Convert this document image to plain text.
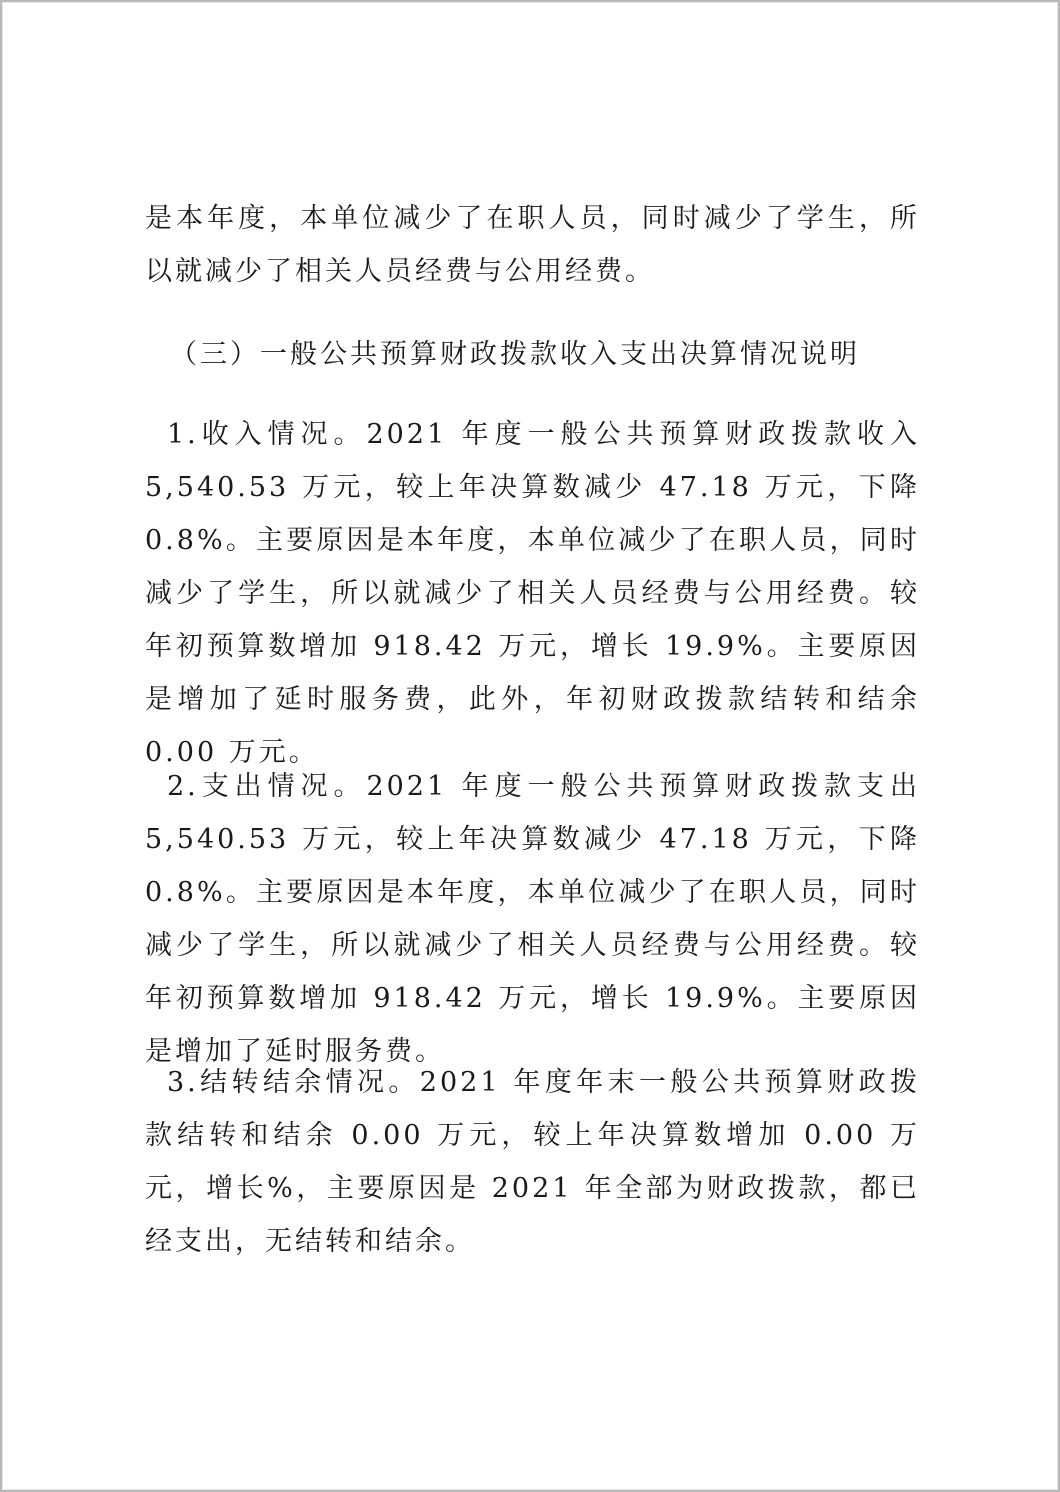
是本年度，本单位减少了在职人员，同时减少了学生，所以就减少了相关人员经费与公用经费。

（三）一般公共预算财政拨款收入支出决算情况说明

1.收入情况。2021 年度一般公共预算财政拨款收入 5,540.53 万元，较上年决算数减少 47.18 万元，下降 0.8%。主要原因是本年度，本单位减少了在职人员，同时减少了学生，所以就减少了相关人员经费与公用经费。较年初预算数增加 918.42 万元，增长 19.9%。主要原因是增加了延时服务费，此外，年初财政拨款结转和结余 0.00 万元。

2.支出情况。2021 年度一般公共预算财政拨款支出 5,540.53 万元，较上年决算数减少 47.18 万元，下降 0.8%。主要原因是本年度，本单位减少了在职人员，同时减少了学生，所以就减少了相关人员经费与公用经费。较年初预算数增加 918.42 万元，增长 19.9%。主要原因是增加了延时服务费。

3.结转结余情况。2021 年度年末一般公共预算财政拨款结转和结余 0.00 万元，较上年决算数增加 0.00 万元，增长%，主要原因是 2021 年全部为财政拨款，都已经支出，无结转和结余。
